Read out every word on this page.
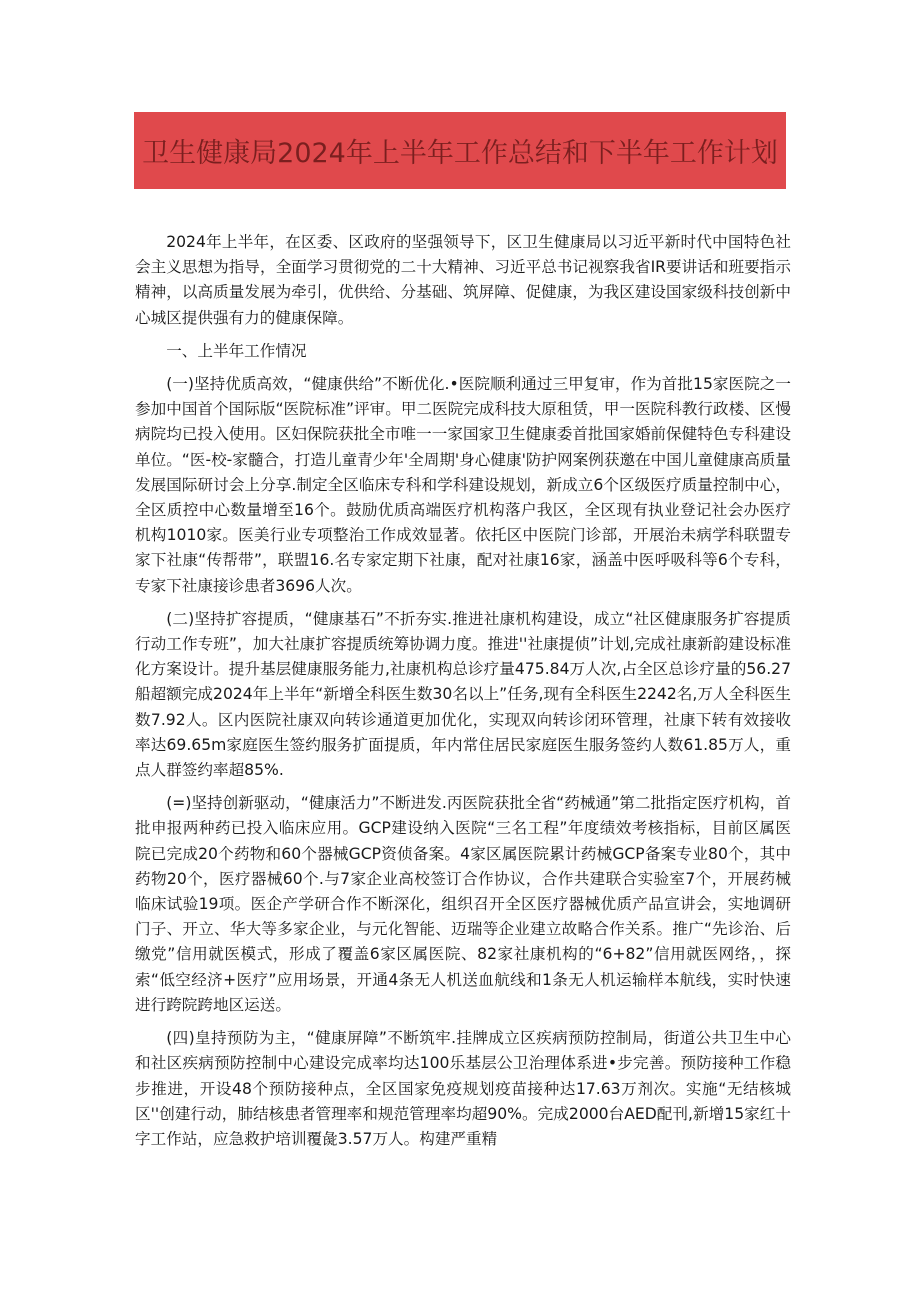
卫生健康局2024年上半年工作总结和下半年工作计划

2024年上半年，在区委、区政府的坚强领导下，区卫生健康局以习近平新时代中国特色社会主义思想为指导，全面学习贯彻党的二十大精神、习近平总书记视察我省IR要讲话和班要指示精神，以高质量发展为牵引，优供给、分基础、筑屏障、促健康，为我区建设国家级科技创新中心城区提供强有力的健康保障。

一、上半年工作情况

(一)坚持优质高效，“健康供给”不断优化.•医院顺利通过三甲复审，作为首批15家医院之一参加中国首个国际版“医院标准”评审。甲二医院完成科技大原租赁，甲一医院科教行政楼、区慢病院均已投入使用。区妇保院获批全市唯一一家国家卫生健康委首批国家婚前保健特色专科建设单位。“医-校-家髓合，打造儿童青少年'全周期'身心健康'防护网案例获邀在中国儿童健康高质量发展国际研讨会上分享.制定全区临床专科和学科建设规划，新成立6个区级医疗质量控制中心，全区质控中心数量增至16个。鼓励优质高端医疗机构落户我区，全区现有执业登记社会办医疗机构1010家。医美行业专项整治工作成效显著。依托区中医院门诊部，开展治未病学科联盟专家下社康“传帮带”，联盟16.名专家定期下社康，配对社康16家，涵盖中医呼吸科等6个专科，专家下社康接诊患者3696人次。

(二)坚持扩容提质，“健康基石”不折夯实.推进社康机构建设，成立“社区健康服务扩容提质行动工作专班”，加大社康扩容提质统筹协调力度。推进''社康提侦”计划,完成社康新韵建设标准化方案设计。提升基层健康服务能力,社康机构总诊疗量475.84万人次,占全区总诊疗量的56.27船超额完成2024年上半年“新增全科医生数30名以上”任务,现有全科医生2242名,万人全科医生数7.92人。区内医院社康双向转诊通道更加优化，实现双向转诊闭环管理，社康下转有效接收率达69.65m家庭医生签约服务扩面提质，年内常住居民家庭医生服务签约人数61.85万人，重点人群签约率超85%.

(=)坚持创新驱动，“健康活力”不断进发.丙医院获批全省“药械通”第二批指定医疗机构，首批申报两种药已投入临床应用。GCP建设纳入医院“三名工程”年度绩效考核指标，目前区属医院已完成20个药物和60个器械GCP资侦备案。4家区属医院累计药械GCP备案专业80个，其中药物20个，医疗器械60个.与7家企业高校签订合作协议，合作共建联合实验室7个，开展药械临床试验19项。医企产学研合作不断深化，组织召开全区医疗器械优质产品宣讲会，实地调研门子、开立、华大等多家企业，与元化智能、迈瑞等企业建立故略合作关系。推广“先诊治、后缴党”信用就医模式，形成了覆盖6家区属医院、82家社康机构的“6+82”信用就医网络，，探索“低空经济+医疗”应用场景，开通4条无人机送血航线和1条无人机运输样本航线，实时快速进行跨院跨地区运送。

(四)皇持预防为主，“健康屏障”不断筑牢.挂牌成立区疾病预防控制局，街道公共卫生中心和社区疾病预防控制中心建设完成率均达100乐基层公卫治理体系进•步完善。预防接种工作稳步推进，开设48个预防接种点，全区国家免疫规划疫苗接种达17.63万剂次。实施“无结核城区''创建行动，肺结核患者管理率和规范管理率均超90%。完成2000台AED配刊,新增15家红十字工作站，应急救护培训覆彘3.57万人。构建严重精
